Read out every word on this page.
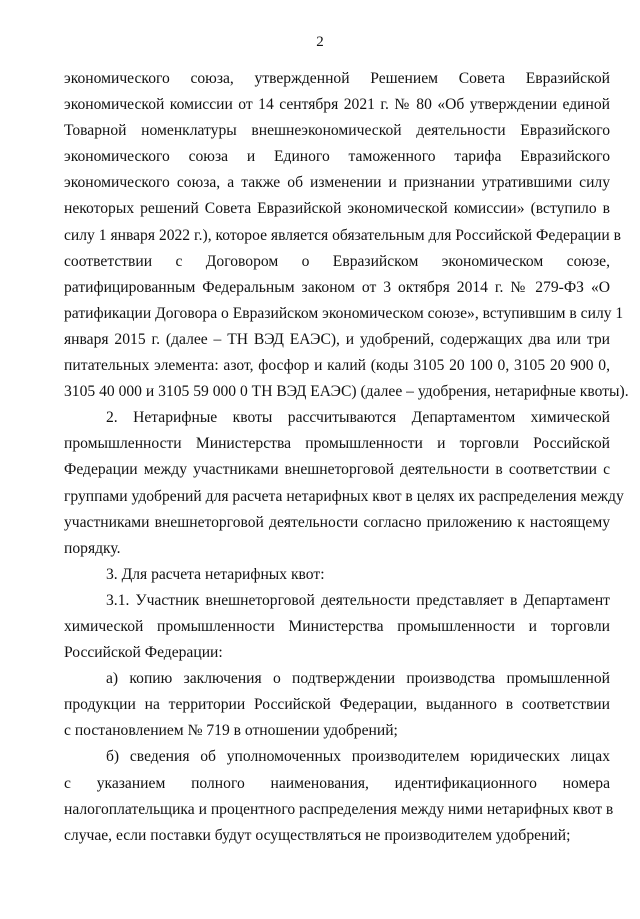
2
экономического союза, утвержденной Решением Совета Евразийской
экономической комиссии от 14 сентября 2021 г. № 80 «Об утверждении единой
Товарной номенклатуры внешнеэкономической деятельности Евразийского
экономического союза и Единого таможенного тарифа Евразийского
экономического союза, а также об изменении и признании утратившими силу
некоторых решений Совета Евразийской экономической комиссии» (вступило в
силу 1 января 2022 г.), которое является обязательным для Российской Федерации в
соответствии с Договором о Евразийском экономическом союзе,
ратифицированным Федеральным законом от 3 октября 2014 г. № 279-ФЗ «О
ратификации Договора о Евразийском экономическом союзе», вступившим в силу 1
января 2015 г. (далее – ТН ВЭД ЕАЭС), и удобрений, содержащих два или три
питательных элемента: азот, фосфор и калий (коды 3105 20 100 0, 3105 20 900 0,
3105 40 000 и 3105 59 000 0 ТН ВЭД ЕАЭС) (далее – удобрения, нетарифные квоты).
2. Нетарифные квоты рассчитываются Департаментом химической
промышленности Министерства промышленности и торговли Российской
Федерации между участниками внешнеторговой деятельности в соответствии с
группами удобрений для расчета нетарифных квот в целях их распределения между
участниками внешнеторговой деятельности согласно приложению к настоящему
порядку.
3. Для расчета нетарифных квот:
3.1. Участник внешнеторговой деятельности представляет в Департамент
химической промышленности Министерства промышленности и торговли
Российской Федерации:
а) копию заключения о подтверждении производства промышленной
продукции на территории Российской Федерации, выданного в соответствии
с постановлением № 719 в отношении удобрений;
б) сведения об уполномоченных производителем юридических лицах
с указанием полного наименования, идентификационного номера
налогоплательщика и процентного распределения между ними нетарифных квот в
случае, если поставки будут осуществляться не производителем удобрений;
